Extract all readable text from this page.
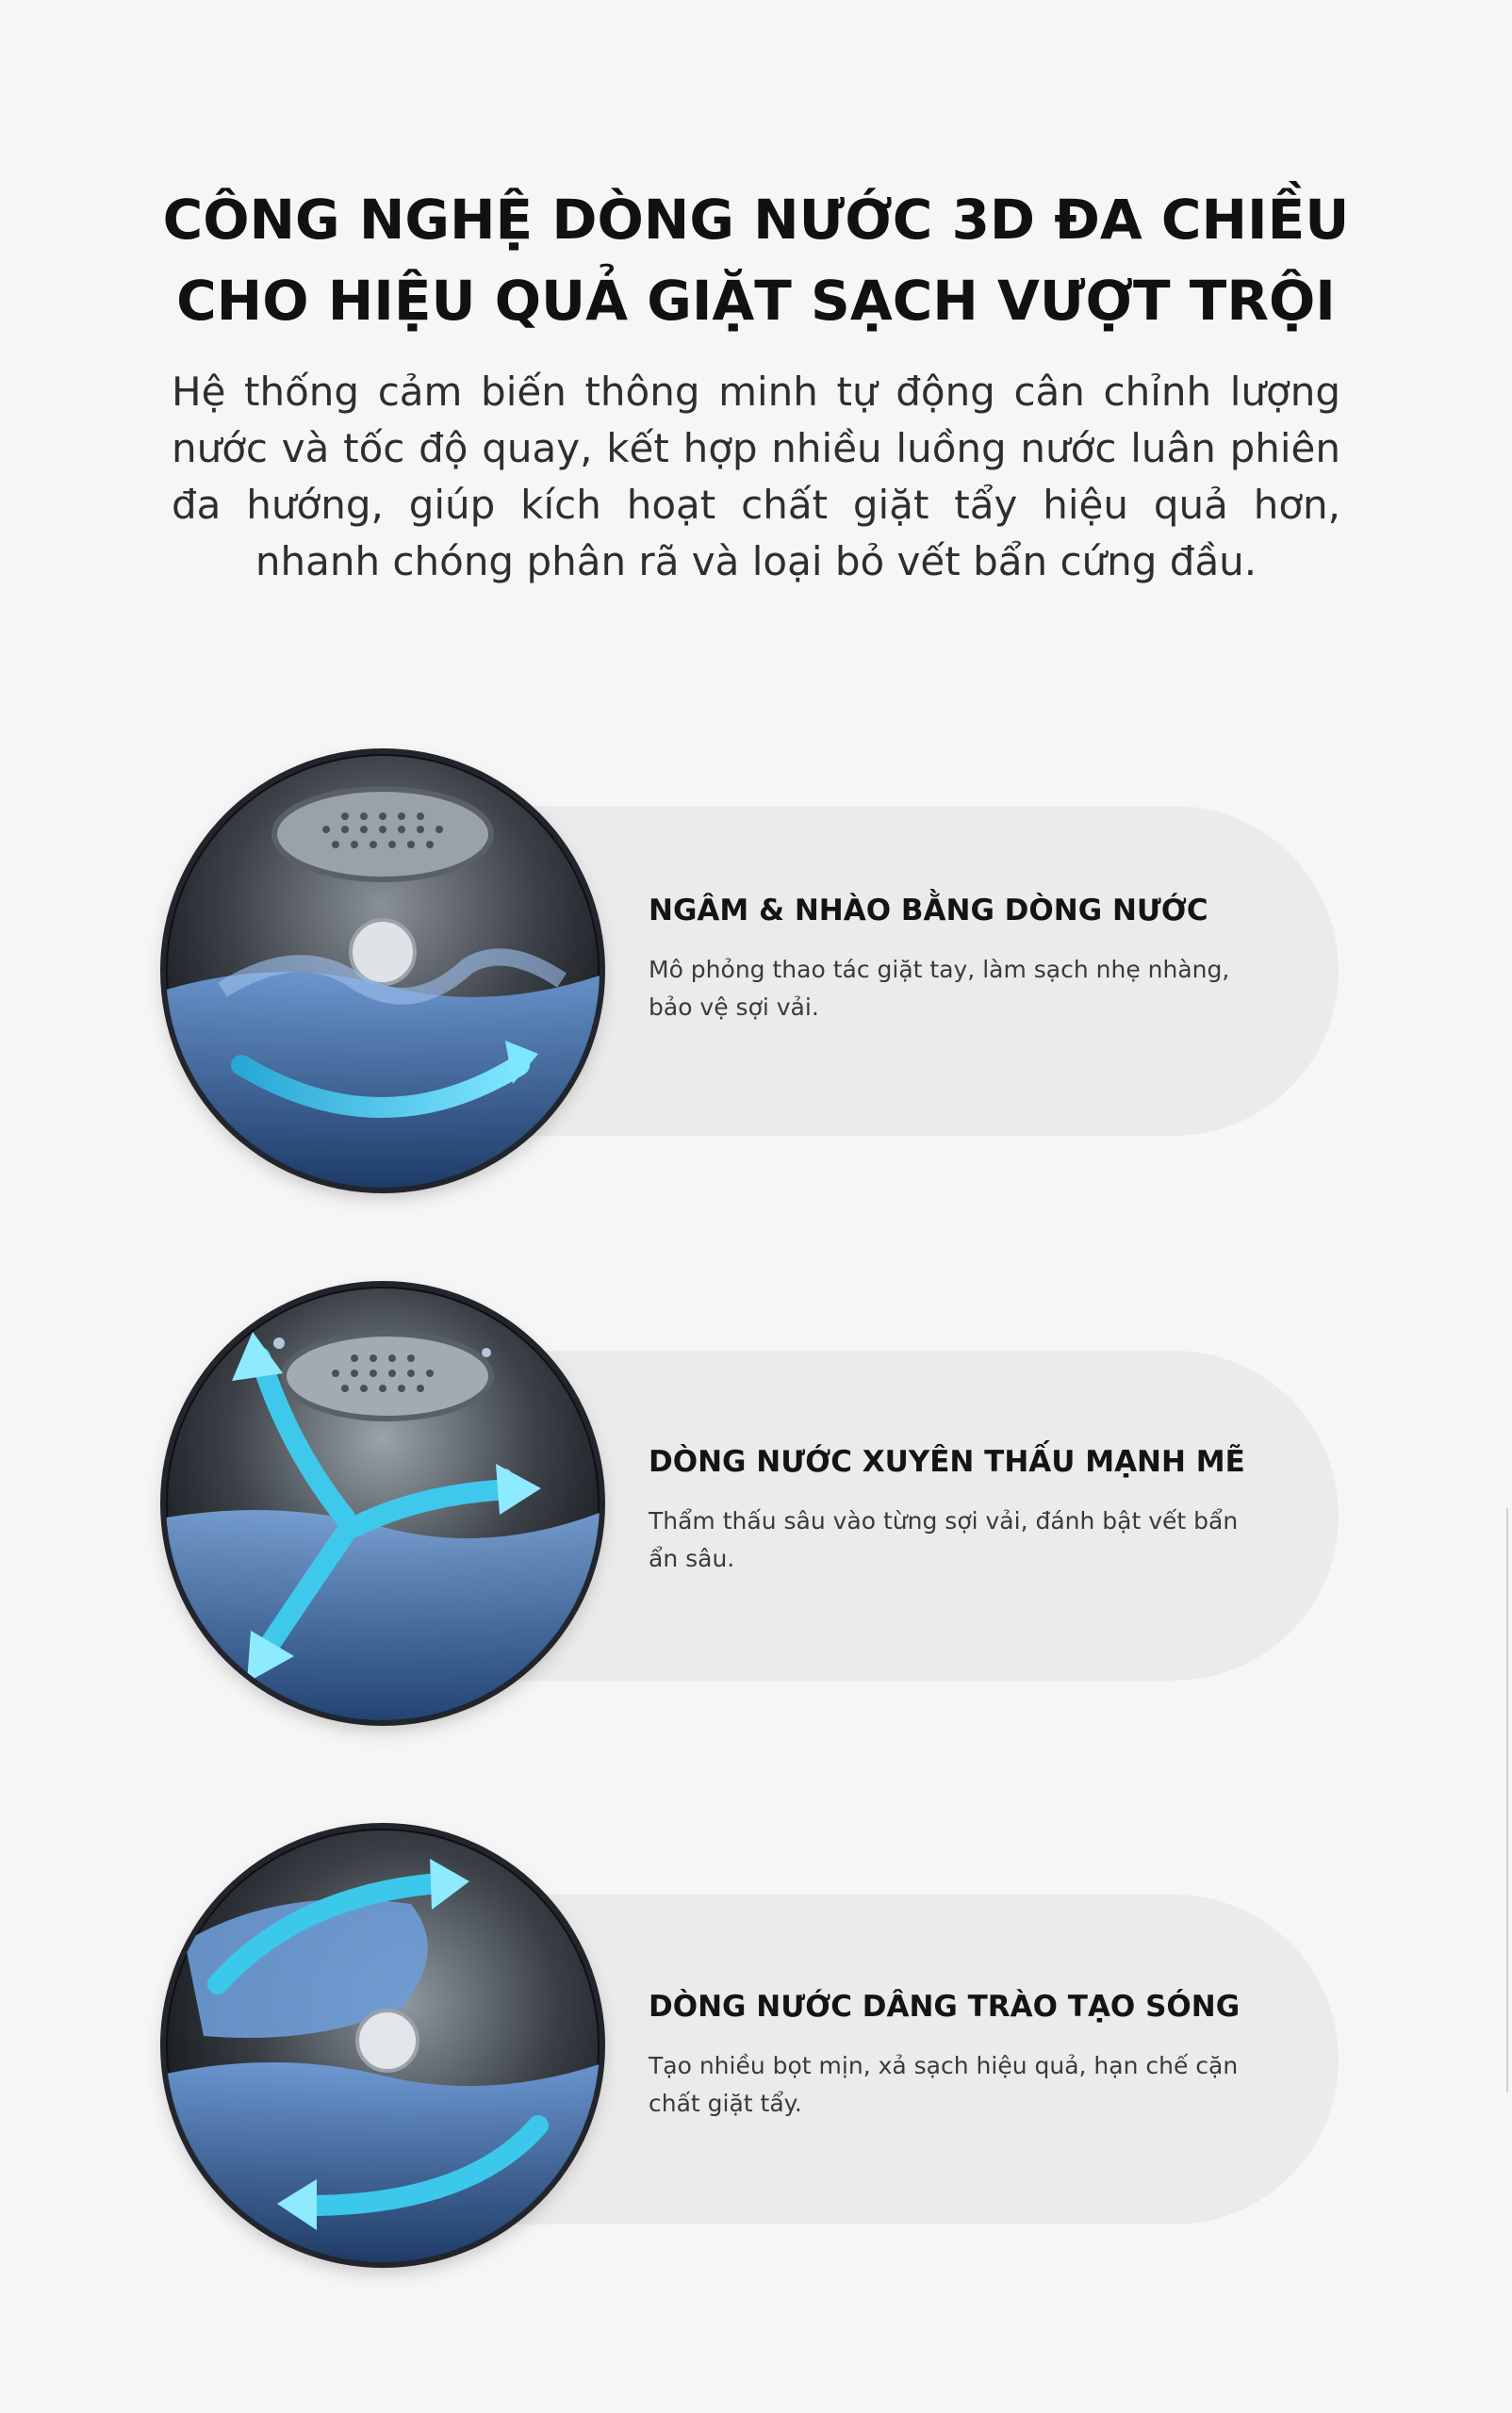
CÔNG NGHỆ DÒNG NƯỚC 3D ĐA CHIỀU
CHO HIỆU QUẢ GIẶT SẠCH VƯỢT TRỘI

Hệ thống cảm biến thông minh tự động cân chỉnh lượng nước và tốc độ quay, kết hợp nhiều luồng nước luân phiên đa hướng, giúp kích hoạt chất giặt tẩy hiệu quả hơn, nhanh chóng phân rã và loại bỏ vết bẩn cứng đầu.

NGÂM & NHÀO BẰNG DÒNG NƯỚC

Mô phỏng thao tác giặt tay, làm sạch nhẹ nhàng, bảo vệ sợi vải.

DÒNG NƯỚC XUYÊN THẤU MẠNH MẼ

Thẩm thấu sâu vào từng sợi vải, đánh bật vết bẩn ẩn sâu.

DÒNG NƯỚC DÂNG TRÀO TẠO SÓNG

Tạo nhiều bọt mịn, xả sạch hiệu quả, hạn chế cặn chất giặt tẩy.
